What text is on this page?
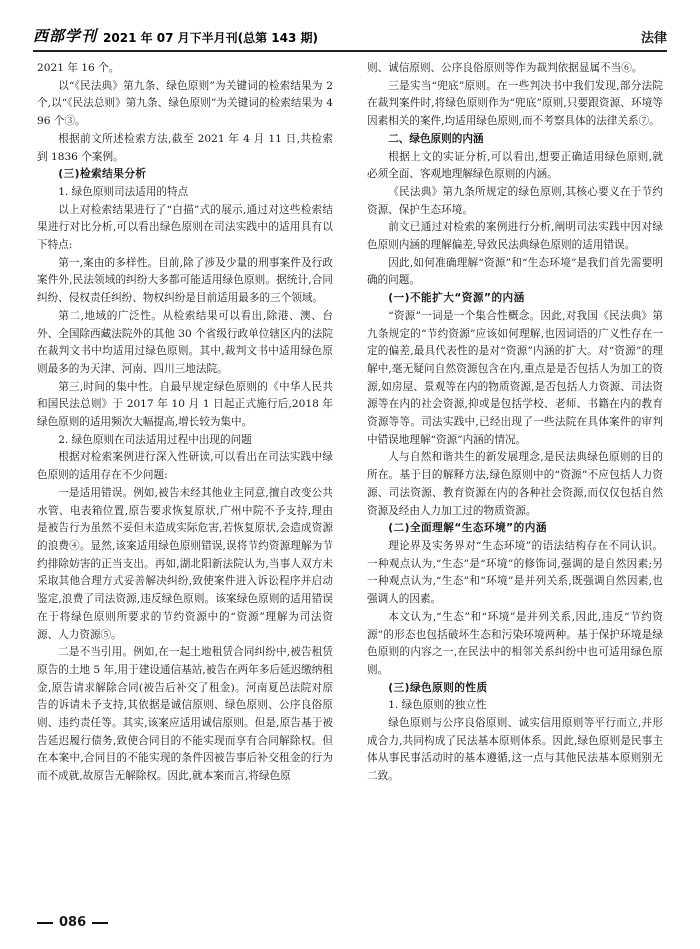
西部学刊 2021 年 07 月下半月刊(总第 143 期)	法律

2021 年 16 个。

以“《民法典》第九条、绿色原则”为关键词的检索结果为 2 个,以“《民法总则》第九条、绿色原则”为关键词的检索结果为 496 个③。

根据前文所述检索方法,截至 2021 年 4 月 11 日,共检索到 1836 个案例。

(三)检索结果分析

1. 绿色原则司法适用的特点

以上对检索结果进行了“白描”式的展示,通过对这些检索结果进行对比分析,可以看出绿色原则在司法实践中的适用具有以下特点:

第一,案由的多样性。目前,除了涉及少量的刑事案件及行政案件外,民法领域的纠纷大多都可能适用绿色原则。据统计,合同纠纷、侵权责任纠纷、物权纠纷是目前适用最多的三个领域。

第二,地域的广泛性。从检索结果可以看出,除港、澳、台外、全国除西藏法院外的其他 30 个省级行政单位辖区内的法院在裁判文书中均适用过绿色原则。其中,裁判文书中适用绿色原则最多的为天津、河南、四川三地法院。

第三,时间的集中性。自最早规定绿色原则的《中华人民共和国民法总则》于 2017 年 10 月 1 日起正式施行后,2018 年绿色原则的适用频次大幅提高,增长较为集中。

2. 绿色原则在司法适用过程中出现的问题

根据对检索案例进行深入性研读,可以看出在司法实践中绿色原则的适用存在不少问题:

一是适用错误。例如,被告未经其他业主同意,擅自改变公共水管、电表箱位置,原告要求恢复原状,广州中院不予支持,理由是被告行为虽然不妥但未造成实际危害,若恢复原状,会造成资源的浪费④。显然,该案适用绿色原则错误,误将节约资源理解为节约排除妨害的正当支出。再如,湖北阳新法院认为,当事人双方未采取其他合理方式妥善解决纠纷,致使案件进入诉讼程序并启动鉴定,浪费了司法资源,违反绿色原则。该案绿色原则的适用错误在于将绿色原则所要求的节约资源中的“资源”理解为司法资源、人力资源⑤。

二是不当引用。例如,在一起土地租赁合同纠纷中,被告租赁原告的土地 5 年,用于建设通信基站,被告在两年多后延迟缴纳租金,原告请求解除合同(被告后补交了租金)。河南夏邑法院对原告的诉请未予支持,其依据是诚信原则、绿色原则、公序良俗原则、违约责任等。其实,该案应适用诚信原则。但是,原告基于被告延迟履行债务,致使合同目的不能实现而享有合同解除权。但在本案中,合同目的不能实现的条件因被告事后补交租金的行为而不成就,故原告无解除权。因此,就本案而言,将绿色原

则、诚信原则、公序良俗原则等作为裁判依据显属不当⑥。

三是实当“兜底”原则。在一些判决书中我们发现,部分法院在裁判案件时,将绿色原则作为“兜底”原则,只要跟资源、环境等因素相关的案件,均适用绿色原则,而不考察具体的法律关系⑦。

二、绿色原则的内涵

根据上文的实证分析,可以看出,想要正确适用绿色原则,就必须全面、客观地理解绿色原则的内涵。

《民法典》第九条所规定的绿色原则,其核心要义在于节约资源、保护生态环境。

前文已通过对检索的案例进行分析,阐明司法实践中因对绿色原则内涵的理解偏差,导致民法典绿色原则的适用错误。

因此,如何准确理解“资源”和“生态环境”是我们首先需要明确的问题。

(一)不能扩大“资源”的内涵

“资源”一词是一个集合性概念。因此,对我国《民法典》第九条规定的“节约资源”应该如何理解,也因词语的广义性存在一定的偏差,最具代表性的是对“资源”内涵的扩大。对“资源”的理解中,毫无疑问自然资源包含在内,重点是是否包括人为加工的资源,如房屋、景观等在内的物质资源,是否包括人力资源、司法资源等在内的社会资源,抑或是包括学校、老师、书籍在内的教育资源等等。司法实践中,已经出现了一些法院在具体案件的审判中错误地理解“资源”内涵的情况。

人与自然和谐共生的新发展理念,是民法典绿色原则的目的所在。基于目的解释方法,绿色原则中的“资源”不应包括人力资源、司法资源、教育资源在内的各种社会资源,而仅仅包括自然资源及经由人力加工过的物质资源。

(二)全面理解“生态环境”的内涵

理论界及实务界对“生态环境”的语法结构存在不同认识。一种观点认为,“生态”是“环境”的修饰词,强调的是自然因素;另一种观点认为,“生态”和“环境”是并列关系,既强调自然因素,也强调人的因素。

本文认为,“生态”和“环境”是并列关系,因此,违反“节约资源”的形态也包括破坏生态和污染环境两种。基于保护环境是绿色原则的内容之一,在民法中的相邻关系纠纷中也可适用绿色原则。

(三)绿色原则的性质

1. 绿色原则的独立性

绿色原则与公序良俗原则、诚实信用原则等平行而立,并形成合力,共同构成了民法基本原则体系。因此,绿色原则是民事主体从事民事活动时的基本遵循,这一点与其他民法基本原则别无二致。

086
